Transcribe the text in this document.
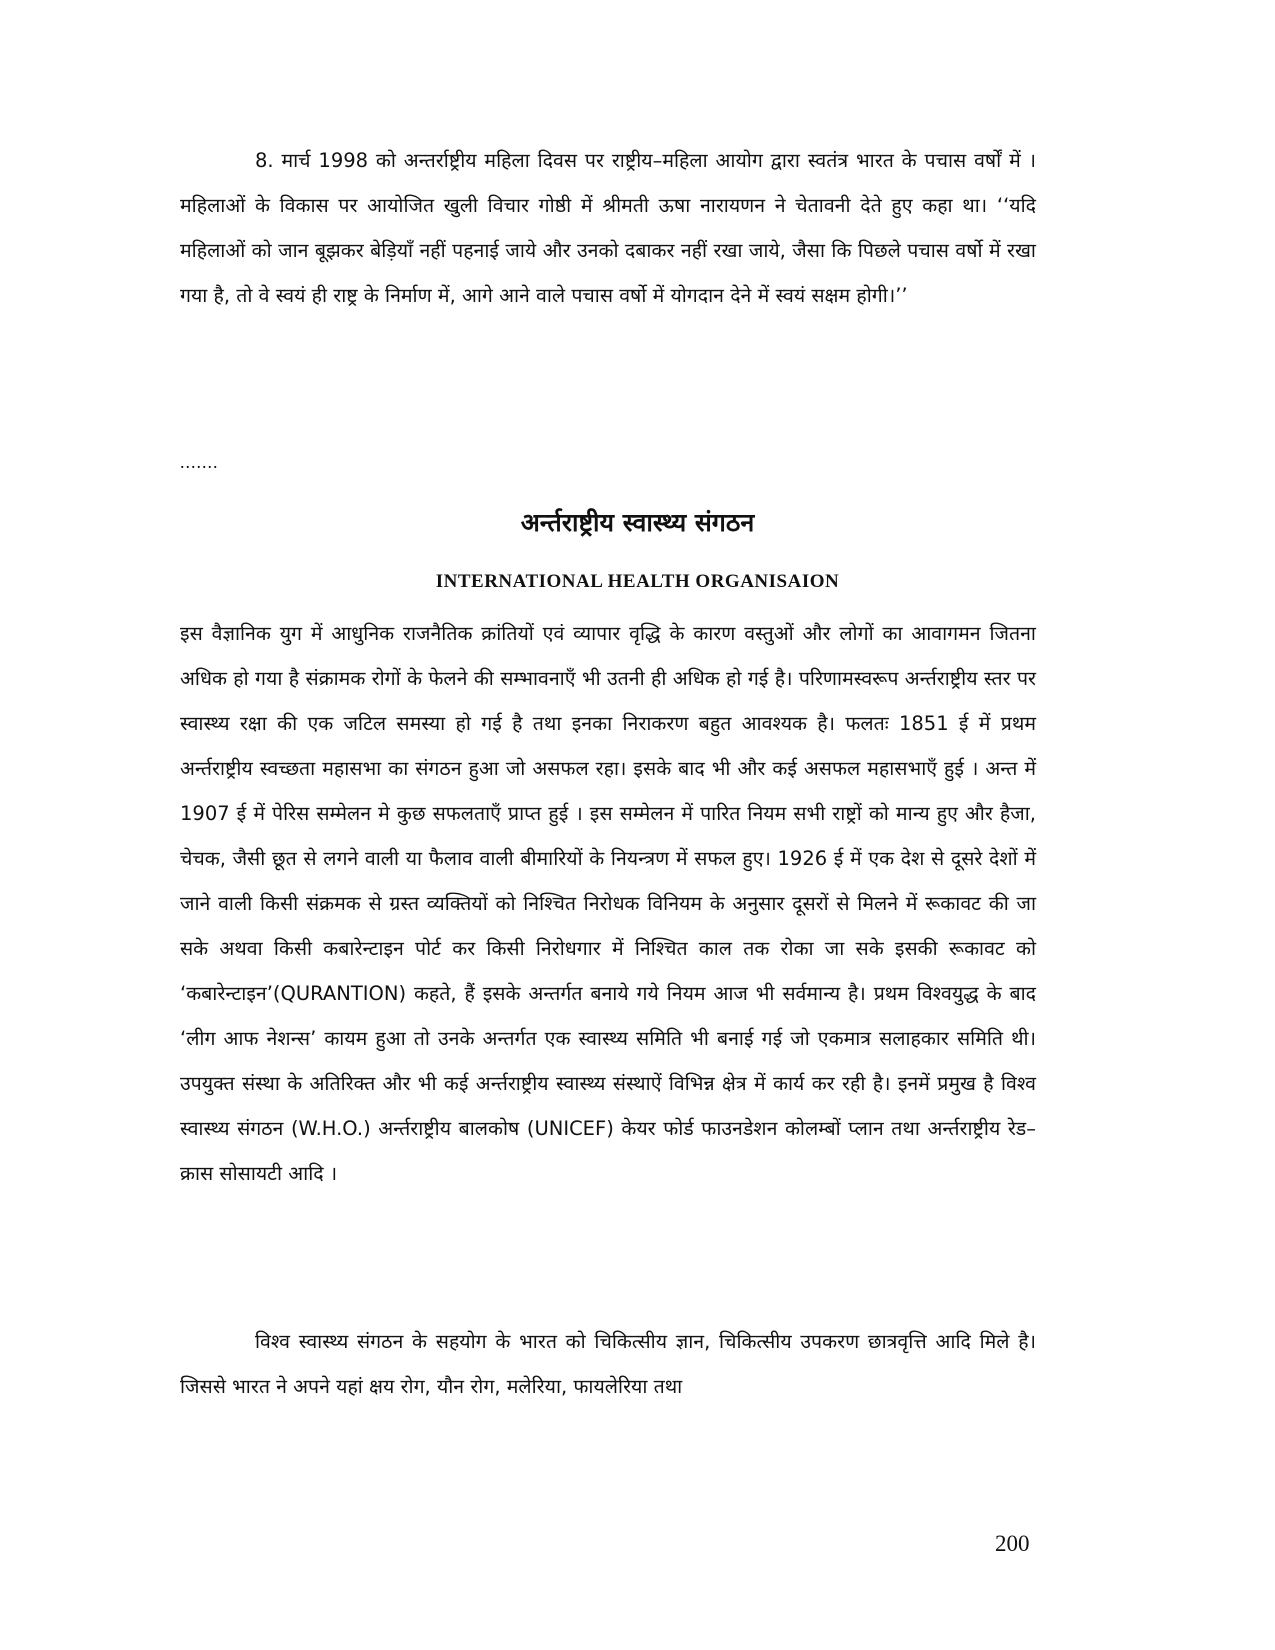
8. मार्च 1998 को अन्तर्राष्ट्रीय महिला दिवस पर राष्ट्रीय–महिला आयोग द्वारा स्वतंत्र भारत के पचास वर्षों में । महिलाओं के विकास पर आयोजित खुली विचार गोष्ठी में श्रीमती ऊषा नारायणन ने चेतावनी देते हुए कहा था। ‘‘यदि महिलाओं को जान बूझकर बेड़ियाँ नहीं पहनाई जाये और उनको दबाकर नहीं रखा जाये, जैसा कि पिछले पचास वर्षो में रखा गया है, तो वे स्वयं ही राष्ट्र के निर्माण में, आगे आने वाले पचास वर्षो में योगदान देने में स्वयं सक्षम होगी।’’

.......

अर्न्तराष्ट्रीय स्वास्थ्य संगठन
INTERNATIONAL HEALTH ORGANISAION

इस वैज्ञानिक युग में आधुनिक राजनैतिक क्रांतियों एवं व्यापार वृद्धि के कारण वस्तुओं और लोगों का आवागमन जितना अधिक हो गया है संक्रामक रोगों के फेलने की सम्भावनाएँ भी उतनी ही अधिक हो गई है। परिणामस्वरूप अर्न्तराष्ट्रीय स्तर पर स्वास्थ्य रक्षा की एक जटिल समस्या हो गई है तथा इनका निराकरण बहुत आवश्यक है। फलतः 1851 ई में प्रथम अर्न्तराष्ट्रीय स्वच्छता महासभा का संगठन हुआ जो असफल रहा। इसके बाद भी और कई असफल महासभाएँ हुई । अन्त में 1907 ई में पेरिस सम्मेलन मे कुछ सफलताएँ प्राप्त हुई । इस सम्मेलन में पारित नियम सभी राष्ट्रों को मान्य हुए और हैजा, चेचक, जैसी छूत से लगने वाली या फैलाव वाली बीमारियों के नियन्त्रण में सफल हुए। 1926 ई में एक देश से दूसरे देशों में जाने वाली किसी संक्रमक से ग्रस्त व्यक्तियों को निश्चित निरोधक विनियम के अनुसार दूसरों से मिलने में रूकावट की जा सके अथवा किसी कबारेन्टाइन पोर्ट कर किसी निरोधगार में निश्चित काल तक रोका जा सके इसकी रूकावट को ‘कबारेन्टाइन’(QURANTION) कहते, हैं इसके अन्तर्गत बनाये गये नियम आज भी सर्वमान्य है। प्रथम विश्वयुद्ध के बाद ‘लीग आफ नेशन्स’ कायम हुआ तो उनके अन्तर्गत एक स्वास्थ्य समिति भी बनाई गई जो एकमात्र सलाहकार समिति थी। उपयुक्त संस्था के अतिरिक्त और भी कई अर्न्तराष्ट्रीय स्वास्थ्य संस्थाऐं विभिन्न क्षेत्र में कार्य कर रही है। इनमें प्रमुख है विश्व स्वास्थ्य संगठन (W.H.O.) अर्न्तराष्ट्रीय बालकोष (UNICEF) केयर फोर्ड फाउनडेशन कोलम्बों प्लान तथा अर्न्तराष्ट्रीय रेड–क्रास सोसायटी आदि ।

विश्व स्वास्थ्य संगठन के सहयोग के भारत को चिकित्सीय ज्ञान, चिकित्सीय उपकरण छात्रवृत्ति आदि मिले है। जिससे भारत ने अपने यहां क्षय रोग, यौन रोग, मलेरिया, फायलेरिया तथा

200
